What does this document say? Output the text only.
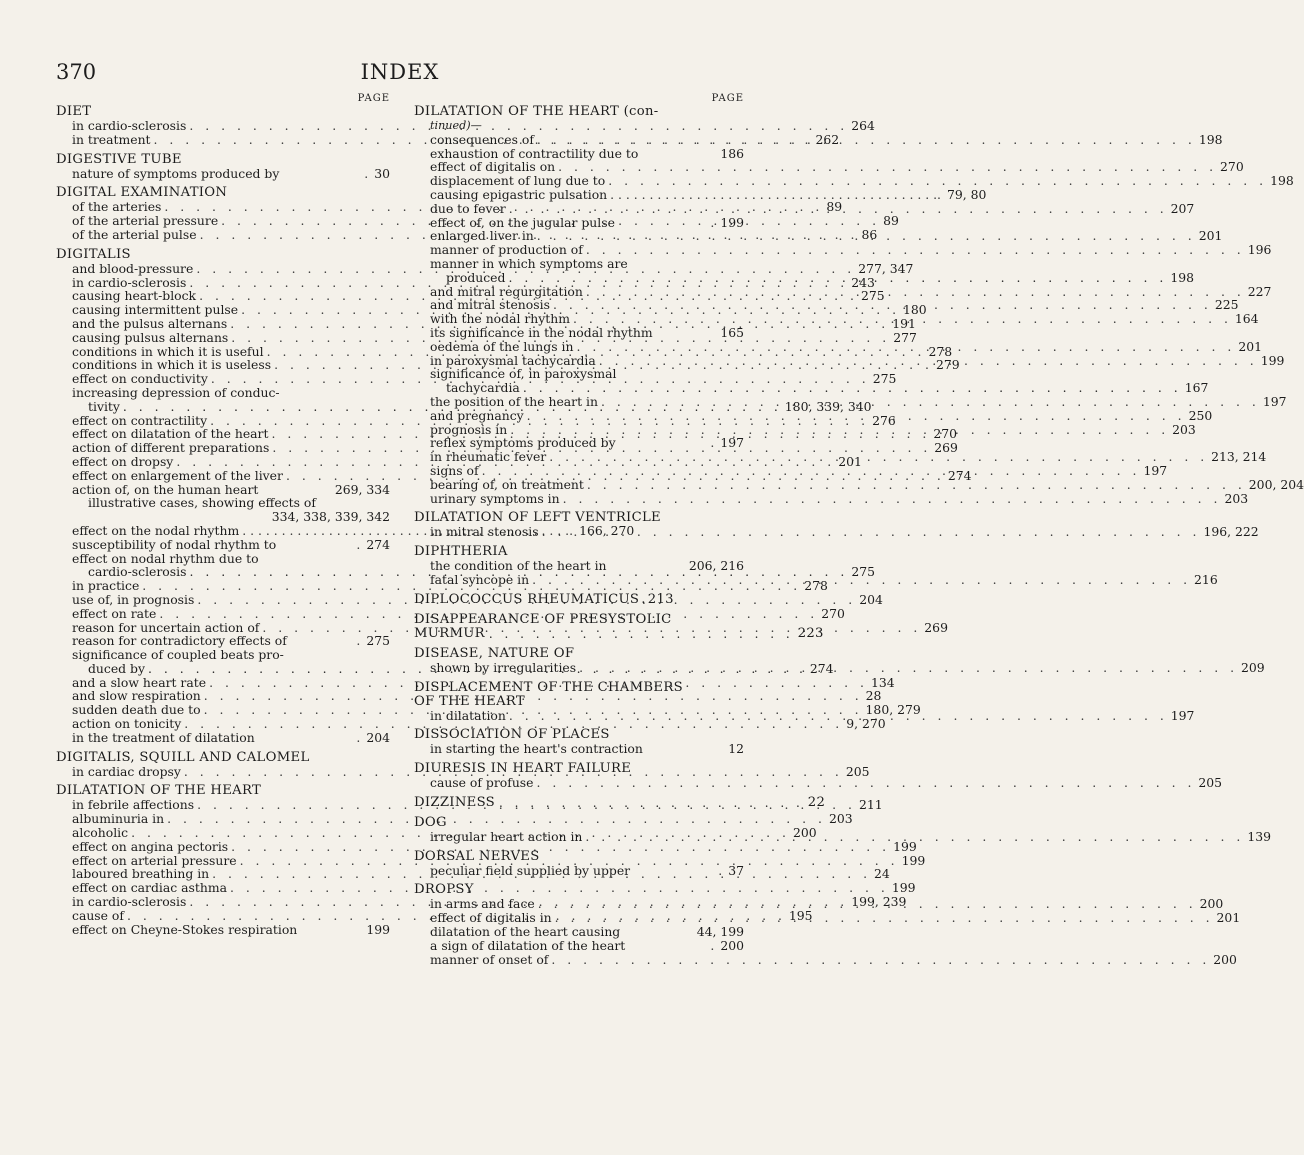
370	INDEX
PAGE
DIET
in cardio-sclerosis . . .	264
in treatment . . .	262
DIGESTIVE TUBE
nature of symptoms produced by	. 30
DIGITAL EXAMINATION
of the arteries . . .	89
of the arterial pressure . . .	89
of the arterial pulse . . .	86
DIGITALIS
and blood-pressure . . .	277, 347
in cardio-sclerosis . . .	243
causing heart-block . . .	275
causing intermittent pulse . . .	180
and the pulsus alternans . . .	191
causing pulsus alternans . . .	277
conditions in which it is useful . . .	278
conditions in which it is useless . . .	279
effect on conductivity . . .	275
increasing depression of conduc-
tivity . . .	180, 339, 340
effect on contractility . . .	276
effect on dilatation of the heart . . .	270
action of different preparations . . .	269
effect on dropsy . . .	201
effect on enlargement of the liver . . .	274
action of, on the human heart	269, 334
illustrative cases, showing effects of
334, 338, 339, 342
effect on the nodal rhythm	. . . . 166, 270
susceptibility of nodal rhythm to	. 274
effect on nodal rhythm due to
cardio-sclerosis . . .	275
in practice . . .	278
use of, in prognosis . . .	204
effect on rate . . .	270
reason for uncertain action of . . .	269
reason for contradictory effects of	. 275
significance of coupled beats pro-
duced by . . .	274
and a slow heart rate . . .	134
and slow respiration . . .	28
sudden death due to . . .	180, 279
action on tonicity . . .	9, 270
in the treatment of dilatation	. 204
DIGITALIS, SQUILL AND CALOMEL
in cardiac dropsy . . .	205
DILATATION OF THE HEART
in febrile affections . . .	211
albuminuria in . . .	203
alcoholic . . .	200
effect on angina pectoris . . .	199
effect on arterial pressure . . .	199
laboured breathing in . . .	24
effect on cardiac asthma . . .	199
in cardio-sclerosis . . .	199, 239
cause of . . .	195
effect on Cheyne-Stokes respiration	199
PAGE
DILATATION OF THE HEART (con-
tinued)—
consequences of . . .	198
exhaustion of contractility due to	186
effect of digitalis on . . .	270
displacement of lung due to . . .	198
causing epigastric pulsation	. . . . 79, 80
due to fever . . .	207
effect of, on the jugular pulse	. 199
enlarged liver in . . .	201
manner of production of . . .	196
manner in which symptoms are
produced . . .	198
and mitral regurgitation . . .	227
and mitral stenosis . . .	225
with the nodal rhythm . . .	164
its significance in the nodal rhythm	165
oedema of the lungs in . . .	201
in paroxysmal tachycardia . . .	199
significance of, in paroxysmal
tachycardia . . .	167
the position of the heart in . . .	197
and pregnancy . . .	250
prognosis in . . .	203
reflex symptoms produced by	. 197
in rheumatic fever . . .	213, 214
signs of . . .	197
bearing of, on treatment . . .	200, 204
urinary symptoms in . . .	203
DILATATION OF LEFT VENTRICLE
in mitral stenosis . . .	196, 222
DIPHTHERIA
the condition of the heart in	206, 216
fatal syncope in . . .	216
DIPLOCOCCUS RHEUMATICUS . 213
DISAPPEARANCE OF PRESYSTOLIC
MURMUR . . . . . . . . . . . . . . . . . . . . 223
DISEASE, NATURE OF
shown by irregularities . . .	209
DISPLACEMENT OF THE CHAMBERS
OF THE HEART
in dilatation . . .	197
DISSOCIATION OF PLACES
in starting the heart's contraction	12
DIURESIS IN HEART FAILURE
cause of profuse . . .	205
DIZZINESS . . . . . . . . . . . . . . . . . . . . 22
DOG
irregular heart action in . . .	139
DORSAL NERVES
peculiar field supplied by upper	. 37
DROPSY
in arms and face . . .	200
effect of digitalis in . . .	201
dilatation of the heart causing	44, 199
a sign of dilatation of the heart	. 200
manner of onset of . . .	200
